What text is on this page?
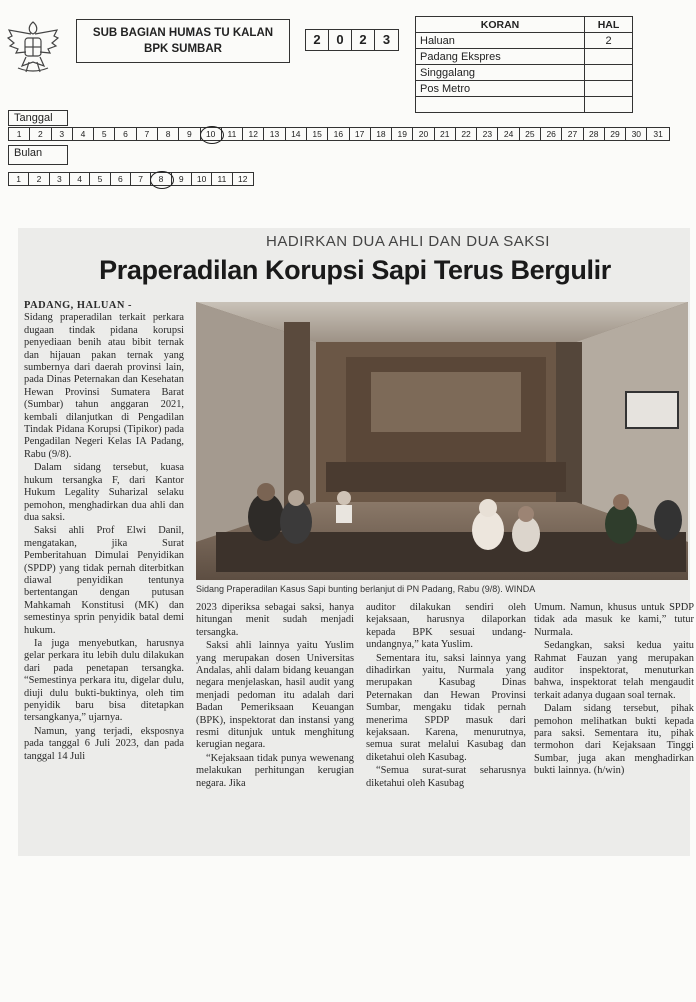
SUB BAGIAN HUMAS TU KALAN
BPK SUMBAR
2	0	2	3
KORAN	HAL
Haluan	2
Padang Ekspres	
Singgalang	
Pos Metro	

Tanggal
1	2	3	4	5	6	7	8	9	10	11	12	13	14	15	16	17	18	19	20	21	22	23	24	25	26	27	28	29	30	31
Bulan
1	2	3	4	5	6	7	8	9	10	11	12
HADIRKAN DUA AHLI DAN DUA SAKSI
Praperadilan Korupsi Sapi Terus Bergulir
PADANG, HALUAN -

Sidang praperadilan terkait perkara dugaan tindak pidana korupsi penyediaan benih atau bibit ternak dan hijauan pakan ternak yang sumbernya dari daerah provinsi lain, pada Dinas Peternakan dan Kesehatan Hewan Provinsi Sumatera Barat (Sumbar) tahun anggaran 2021, kembali dilanjutkan di Pengadilan Tindak Pidana Korupsi (Tipikor) pada Pengadilan Negeri Kelas IA Padang, Rabu (9/8).

Dalam sidang tersebut, kuasa hukum tersangka F, dari Kantor Hukum Legality Suharizal selaku pemohon, menghadirkan dua ahli dan dua saksi.

Saksi ahli Prof Elwi Danil, mengatakan, jika Surat Pemberitahuan Dimulai Penyidikan (SPDP) yang tidak pernah diterbitkan diawal penyidikan tentunya bertentangan dengan putusan Mahkamah Konstitusi (MK) dan semestinya sprin penyidik batal demi hukum.

Ia juga menyebutkan, harusnya gelar perkara itu lebih dulu dilakukan dari pada penetapan tersangka. “Semestinya perkara itu, digelar dulu, diuji dulu bukti-buktinya, oleh tim penyidik baru bisa ditetapkan tersangkanya,” ujarnya.

Namun, yang terjadi, eksposnya pada tanggal 6 Juli 2023, dan pada tanggal 14 Juli

Sidang Praperadilan Kasus Sapi bunting berlanjut di PN Padang, Rabu (9/8). WINDA

2023 diperiksa sebagai saksi, hanya hitungan menit sudah menjadi tersangka.

Saksi ahli lainnya yaitu Yuslim yang merupakan dosen Universitas Andalas, ahli dalam bidang keuangan negara menjelaskan, hasil audit yang menjadi pedoman itu adalah dari Badan Pemeriksaan Keuangan (BPK), inspektorat dan instansi yang resmi ditunjuk untuk menghitung kerugian negara.

“Kejaksaan tidak punya wewenang melakukan perhitungan kerugian negara. Jika

auditor dilakukan sendiri oleh kejaksaan, harusnya dilaporkan kepada BPK sesuai undang-undangnya,” kata Yuslim.

Sementara itu, saksi lainnya yang dihadirkan yaitu, Nurmala yang merupakan Kasubag Dinas Peternakan dan Hewan Provinsi Sumbar, mengaku tidak pernah menerima SPDP masuk dari kejaksaan. Karena, menurutnya, semua surat melalui Kasubag dan diketahui oleh Kasubag.

“Semua surat-surat seharusnya diketahui oleh Kasubag

Umum. Namun, khusus untuk SPDP tidak ada masuk ke kami,” tutur Nurmala.

Sedangkan, saksi kedua yaitu Rahmat Fauzan yang merupakan auditor inspektorat, menuturkan bahwa, inspektorat telah mengaudit terkait adanya dugaan soal ternak.

Dalam sidang tersebut, pihak pemohon melihatkan bukti kepada para saksi. Sementara itu, pihak termohon dari Kejaksaan Tinggi Sumbar, juga akan menghadirkan bukti lainnya. (h/win)
